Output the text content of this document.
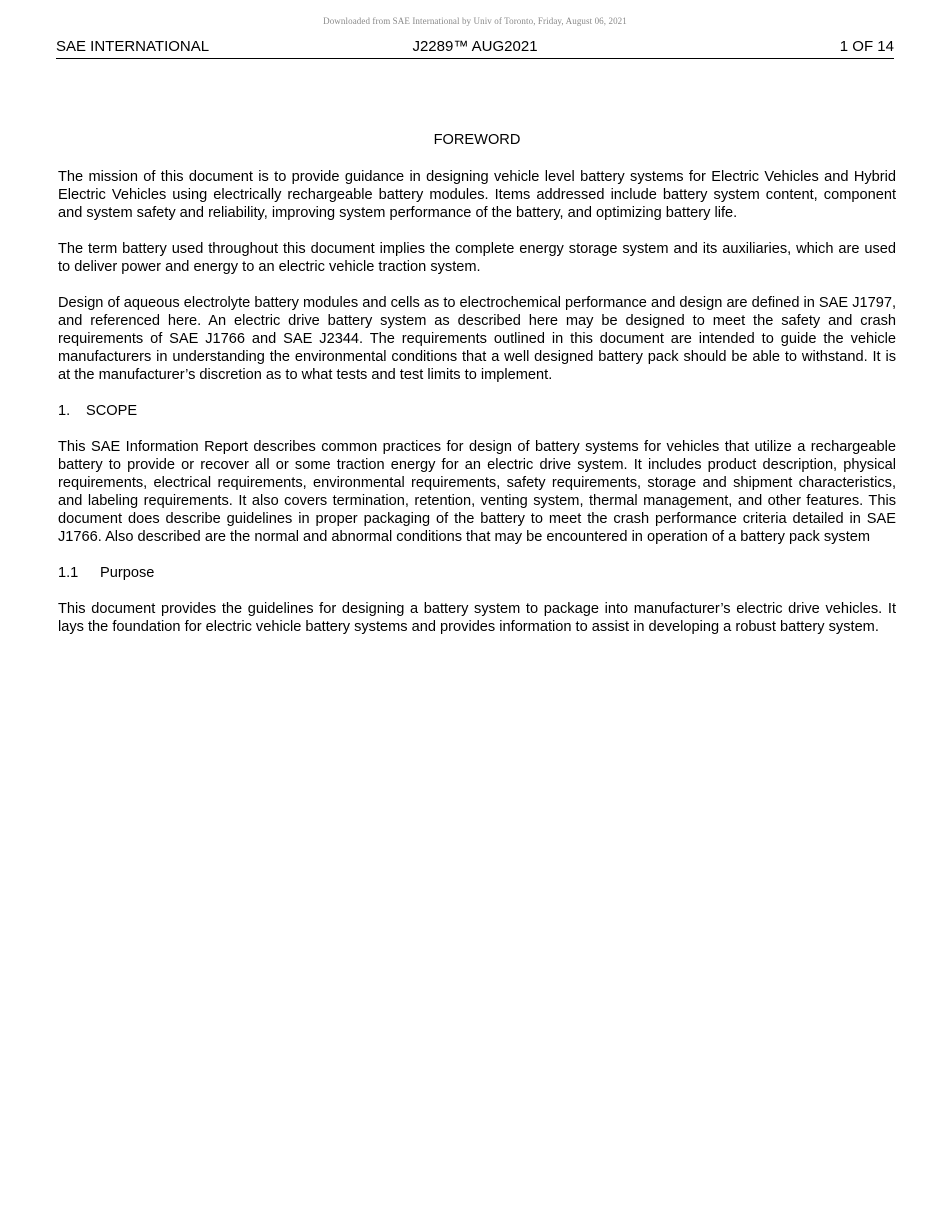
Downloaded from SAE International by Univ of Toronto, Friday, August 06, 2021
SAE INTERNATIONAL	J2289™ AUG2021	1 OF 14
FOREWORD

The mission of this document is to provide guidance in designing vehicle level battery systems for Electric Vehicles and Hybrid Electric Vehicles using electrically rechargeable battery modules. Items addressed include battery system content, component and system safety and reliability, improving system performance of the battery, and optimizing battery life.

The term battery used throughout this document implies the complete energy storage system and its auxiliaries, which are used to deliver power and energy to an electric vehicle traction system.

Design of aqueous electrolyte battery modules and cells as to electrochemical performance and design are defined in SAE J1797, and referenced here. An electric drive battery system as described here may be designed to meet the safety and crash requirements of SAE J1766 and SAE J2344. The requirements outlined in this document are intended to guide the vehicle manufacturers in understanding the environmental conditions that a well designed battery pack should be able to withstand. It is at the manufacturer’s discretion as to what tests and test limits to implement.

1. SCOPE

This SAE Information Report describes common practices for design of battery systems for vehicles that utilize a rechargeable battery to provide or recover all or some traction energy for an electric drive system. It includes product description, physical requirements, electrical requirements, environmental requirements, safety requirements, storage and shipment characteristics, and labeling requirements. It also covers termination, retention, venting system, thermal management, and other features. This document does describe guidelines in proper packaging of the battery to meet the crash performance criteria detailed in SAE J1766. Also described are the normal and abnormal conditions that may be encountered in operation of a battery pack system

1.1 Purpose

This document provides the guidelines for designing a battery system to package into manufacturer’s electric drive vehicles. It lays the foundation for electric vehicle battery systems and provides information to assist in developing a robust battery system.
